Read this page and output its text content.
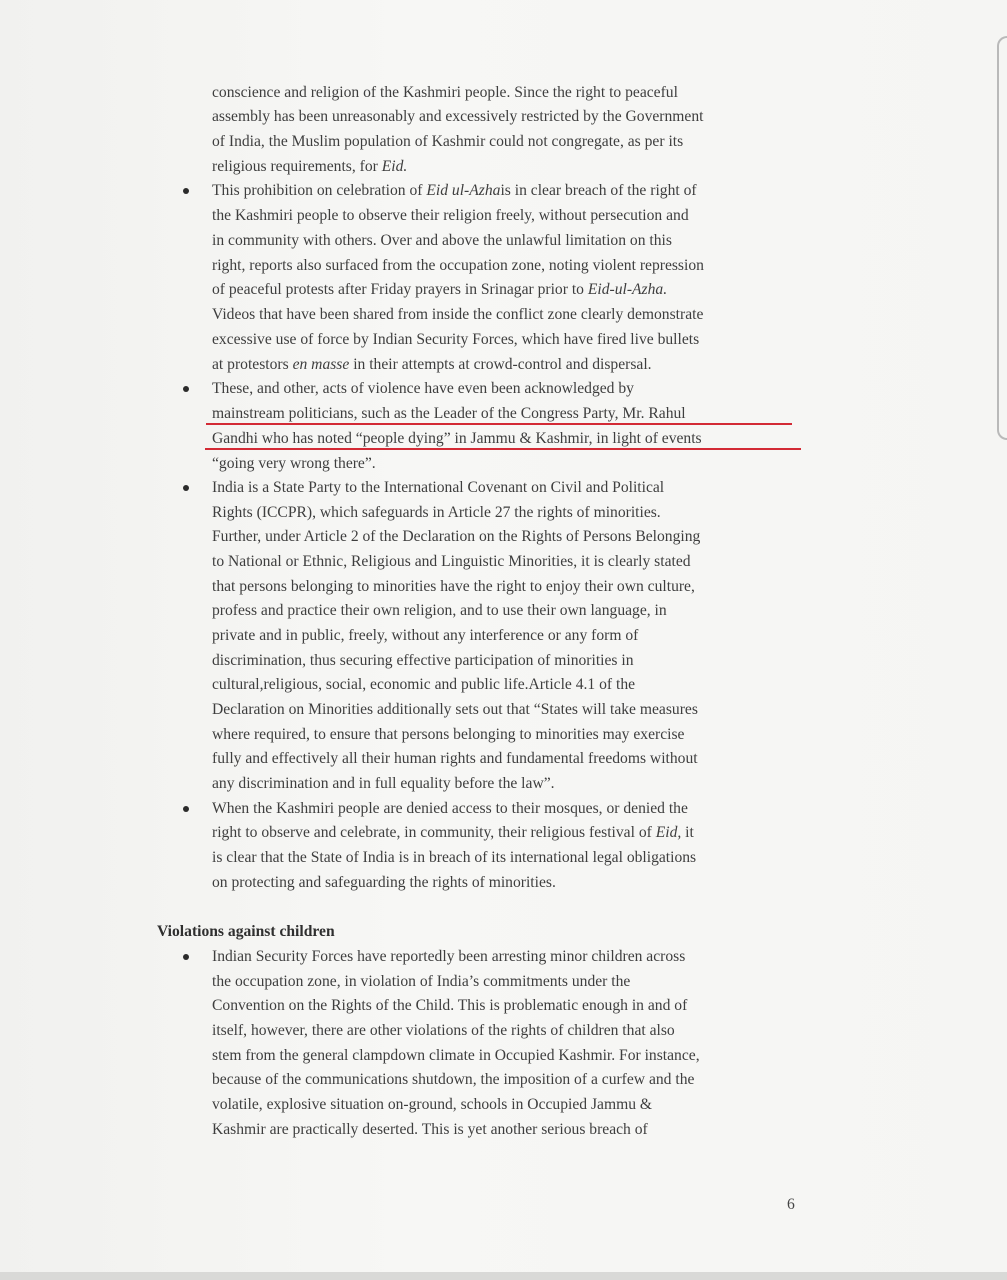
conscience and religion of the Kashmiri people. Since the right to peaceful
assembly has been unreasonably and excessively restricted by the Government
of India, the Muslim population of Kashmir could not congregate, as per its
religious requirements, for Eid.
This prohibition on celebration of Eid ul-Azhais in clear breach of the right of
the Kashmiri people to observe their religion freely, without persecution and
in community with others. Over and above the unlawful limitation on this
right, reports also surfaced from the occupation zone, noting violent repression
of peaceful protests after Friday prayers in Srinagar prior to Eid-ul-Azha.
Videos that have been shared from inside the conflict zone clearly demonstrate
excessive use of force by Indian Security Forces, which have fired live bullets
at protestors en masse in their attempts at crowd-control and dispersal.
These, and other, acts of violence have even been acknowledged by
mainstream politicians, such as the Leader of the Congress Party, Mr. Rahul
Gandhi who has noted “people dying” in Jammu & Kashmir, in light of events
“going very wrong there”.
India is a State Party to the International Covenant on Civil and Political
Rights (ICCPR), which safeguards in Article 27 the rights of minorities.
Further, under Article 2 of the Declaration on the Rights of Persons Belonging
to National or Ethnic, Religious and Linguistic Minorities, it is clearly stated
that persons belonging to minorities have the right to enjoy their own culture,
profess and practice their own religion, and to use their own language, in
private and in public, freely, without any interference or any form of
discrimination, thus securing effective participation of minorities in
cultural,religious, social, economic and public life.Article 4.1 of the
Declaration on Minorities additionally sets out that “States will take measures
where required, to ensure that persons belonging to minorities may exercise
fully and effectively all their human rights and fundamental freedoms without
any discrimination and in full equality before the law”.
When the Kashmiri people are denied access to their mosques, or denied the
right to observe and celebrate, in community, their religious festival of Eid, it
is clear that the State of India is in breach of its international legal obligations
on protecting and safeguarding the rights of minorities.
Violations against children
Indian Security Forces have reportedly been arresting minor children across
the occupation zone, in violation of India’s commitments under the
Convention on the Rights of the Child. This is problematic enough in and of
itself, however, there are other violations of the rights of children that also
stem from the general clampdown climate in Occupied Kashmir. For instance,
because of the communications shutdown, the imposition of a curfew and the
volatile, explosive situation on-ground, schools in Occupied Jammu &
Kashmir are practically deserted. This is yet another serious breach of
6
